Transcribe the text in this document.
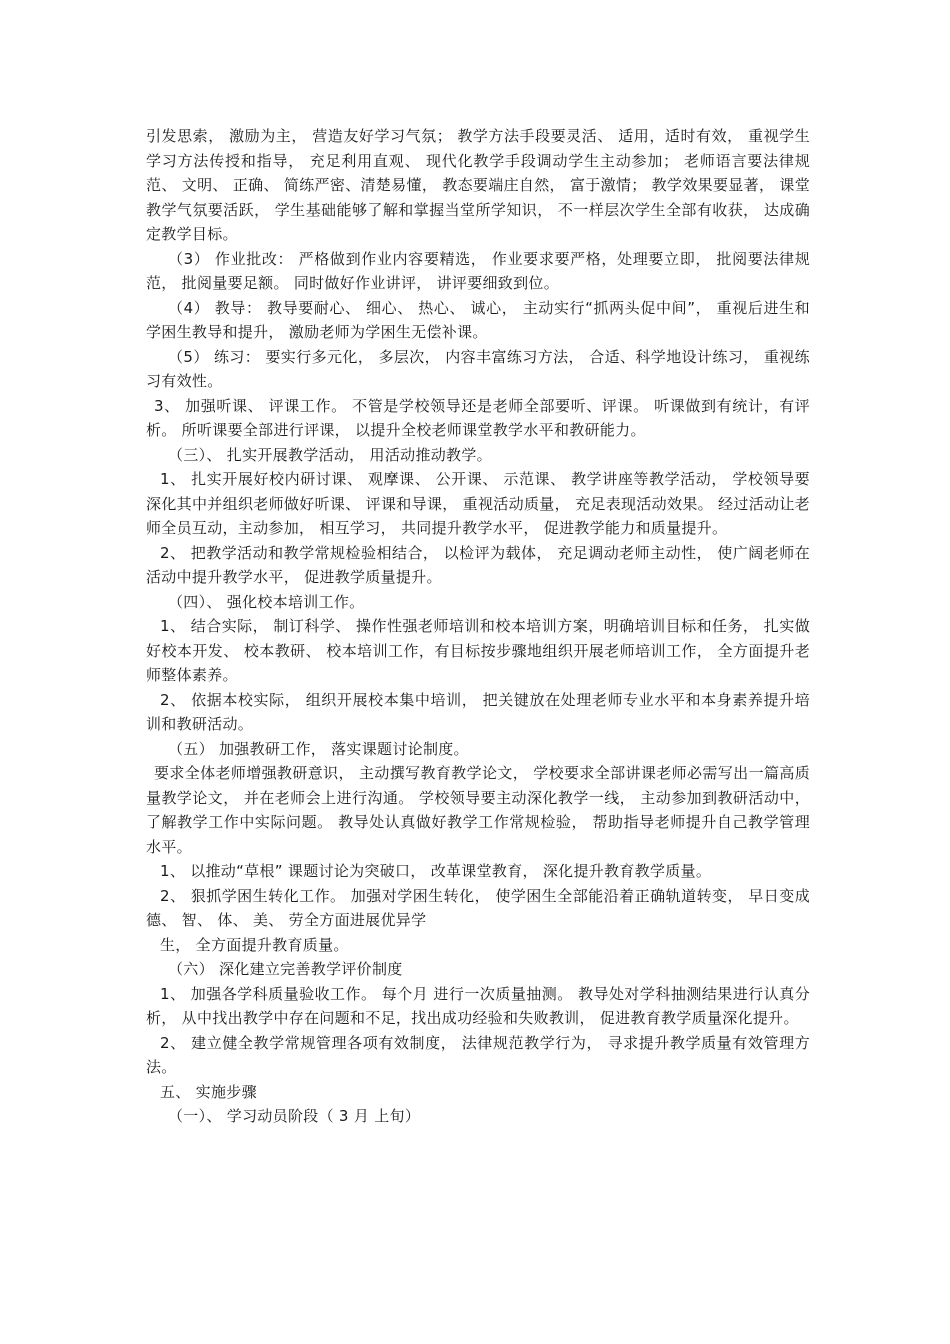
引发思索， 激励为主， 营造友好学习气氛； 教学方法手段要灵活、 适用，适时有效， 重视学生学习方法传授和指导， 充足利用直观、 现代化教学手段调动学生主动参加； 老师语言要法律规范、 文明、 正确、 简练严密、清楚易懂， 教态要端庄自然， 富于激情； 教学效果要显著， 课堂教学气氛要活跃， 学生基础能够了解和掌握当堂所学知识， 不一样层次学生全部有收获， 达成确定教学目标。

（3） 作业批改： 严格做到作业内容要精选， 作业要求要严格，处理要立即， 批阅要法律规范， 批阅量要足额。 同时做好作业讲评， 讲评要细致到位。

（4） 教导： 教导要耐心、 细心、 热心、 诚心， 主动实行“抓两头促中间”， 重视后进生和学困生教导和提升， 激励老师为学困生无偿补课。

（5） 练习： 要实行多元化， 多层次， 内容丰富练习方法， 合适、科学地设计练习， 重视练习有效性。

3、 加强听课、 评课工作。 不管是学校领导还是老师全部要听、评课。 听课做到有统计，有评析。 所听课要全部进行评课， 以提升全校老师课堂教学水平和教研能力。

（三）、 扎实开展教学活动， 用活动推动教学。

1、 扎实开展好校内研讨课、 观摩课、 公开课、 示范课、 教学讲座等教学活动， 学校领导要深化其中并组织老师做好听课、 评课和导课， 重视活动质量， 充足表现活动效果。 经过活动让老师全员互动，主动参加， 相互学习， 共同提升教学水平， 促进教学能力和质量提升。

2、 把教学活动和教学常规检验相结合， 以检评为载体， 充足调动老师主动性， 使广阔老师在活动中提升教学水平， 促进教学质量提升。

（四）、 强化校本培训工作。

1、 结合实际， 制订科学、 操作性强老师培训和校本培训方案，明确培训目标和任务， 扎实做好校本开发、 校本教研、 校本培训工作，有目标按步骤地组织开展老师培训工作， 全方面提升老师整体素养。

2、 依据本校实际， 组织开展校本集中培训， 把关键放在处理老师专业水平和本身素养提升培训和教研活动。

（五） 加强教研工作， 落实课题讨论制度。

要求全体老师增强教研意识， 主动撰写教育教学论文， 学校要求全部讲课老师必需写出一篇高质量教学论文， 并在老师会上进行沟通。 学校领导要主动深化教学一线， 主动参加到教研活动中， 了解教学工作中实际问题。 教导处认真做好教学工作常规检验， 帮助指导老师提升自己教学管理水平。

1、 以推动“草根” 课题讨论为突破口， 改革课堂教育， 深化提升教育教学质量。

2、 狠抓学困生转化工作。 加强对学困生转化， 使学困生全部能沿着正确轨道转变， 早日变成德、 智、 体、 美、 劳全方面进展优异学

生， 全方面提升教育质量。

（六） 深化建立完善教学评价制度

1、 加强各学科质量验收工作。 每个月 进行一次质量抽测。 教导处对学科抽测结果进行认真分析， 从中找出教学中存在问题和不足，找出成功经验和失败教训， 促进教育教学质量深化提升。

2、 建立健全教学常规管理各项有效制度， 法律规范教学行为， 寻求提升教学质量有效管理方法。

五、 实施步骤

（一）、 学习动员阶段（ 3 月 上旬）
